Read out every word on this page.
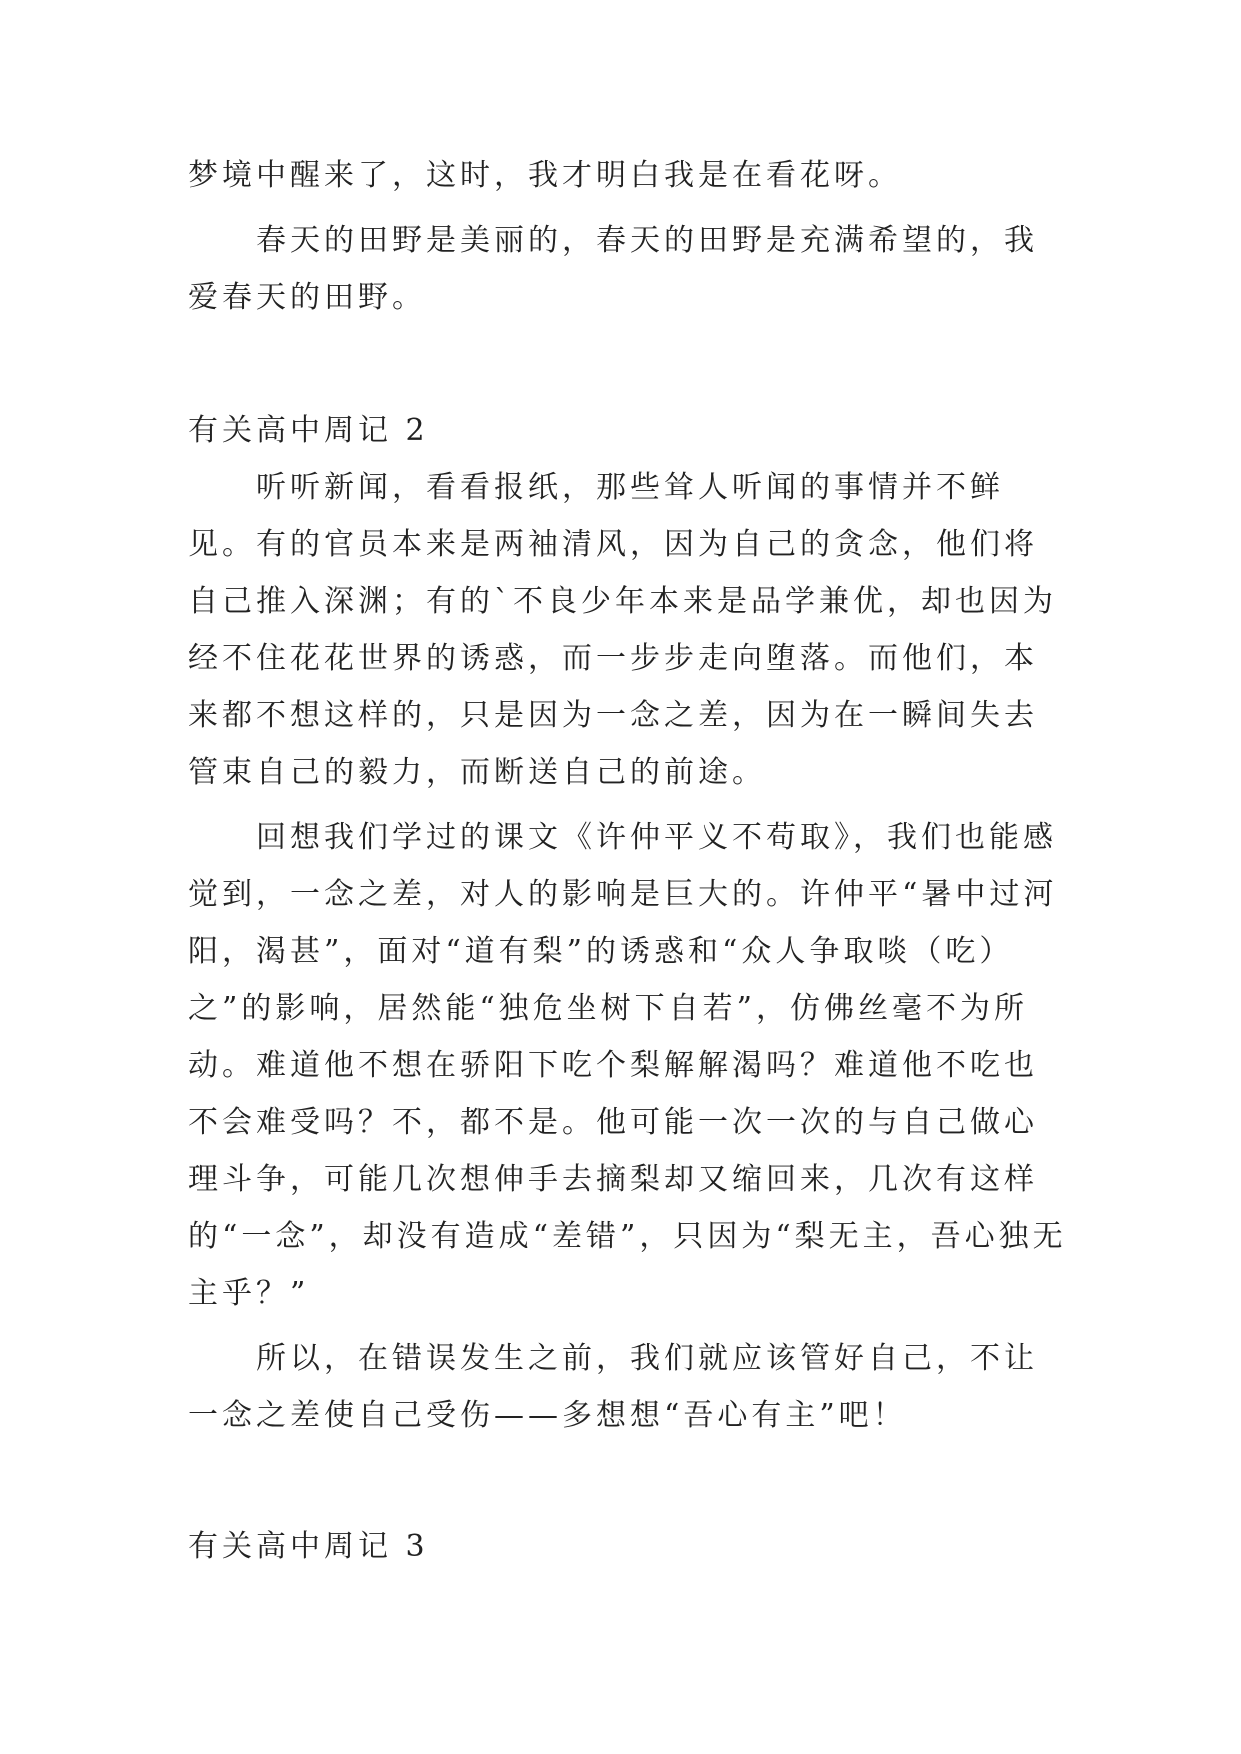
梦境中醒来了，这时，我才明白我是在看花呀。

春天的田野是美丽的，春天的田野是充满希望的，我爱春天的田野。

有关高中周记 2

听听新闻，看看报纸，那些耸人听闻的事情并不鲜见。有的官员本来是两袖清风，因为自己的贪念，他们将自己推入深渊；有的`不良少年本来是品学兼优，却也因为经不住花花世界的诱惑，而一步步走向堕落。而他们，本来都不想这样的，只是因为一念之差，因为在一瞬间失去管束自己的毅力，而断送自己的前途。

回想我们学过的课文《许仲平义不苟取》，我们也能感觉到，一念之差，对人的影响是巨大的。许仲平“暑中过河阳，渴甚”，面对“道有梨”的诱惑和“众人争取啖（吃）之”的影响，居然能“独危坐树下自若”，仿佛丝毫不为所动。难道他不想在骄阳下吃个梨解解渴吗？难道他不吃也不会难受吗？不，都不是。他可能一次一次的与自己做心理斗争，可能几次想伸手去摘梨却又缩回来，几次有这样的“一念”，却没有造成“差错”，只因为“梨无主，吾心独无主乎？”

所以，在错误发生之前，我们就应该管好自己，不让一念之差使自己受伤——多想想“吾心有主”吧！

有关高中周记 3
